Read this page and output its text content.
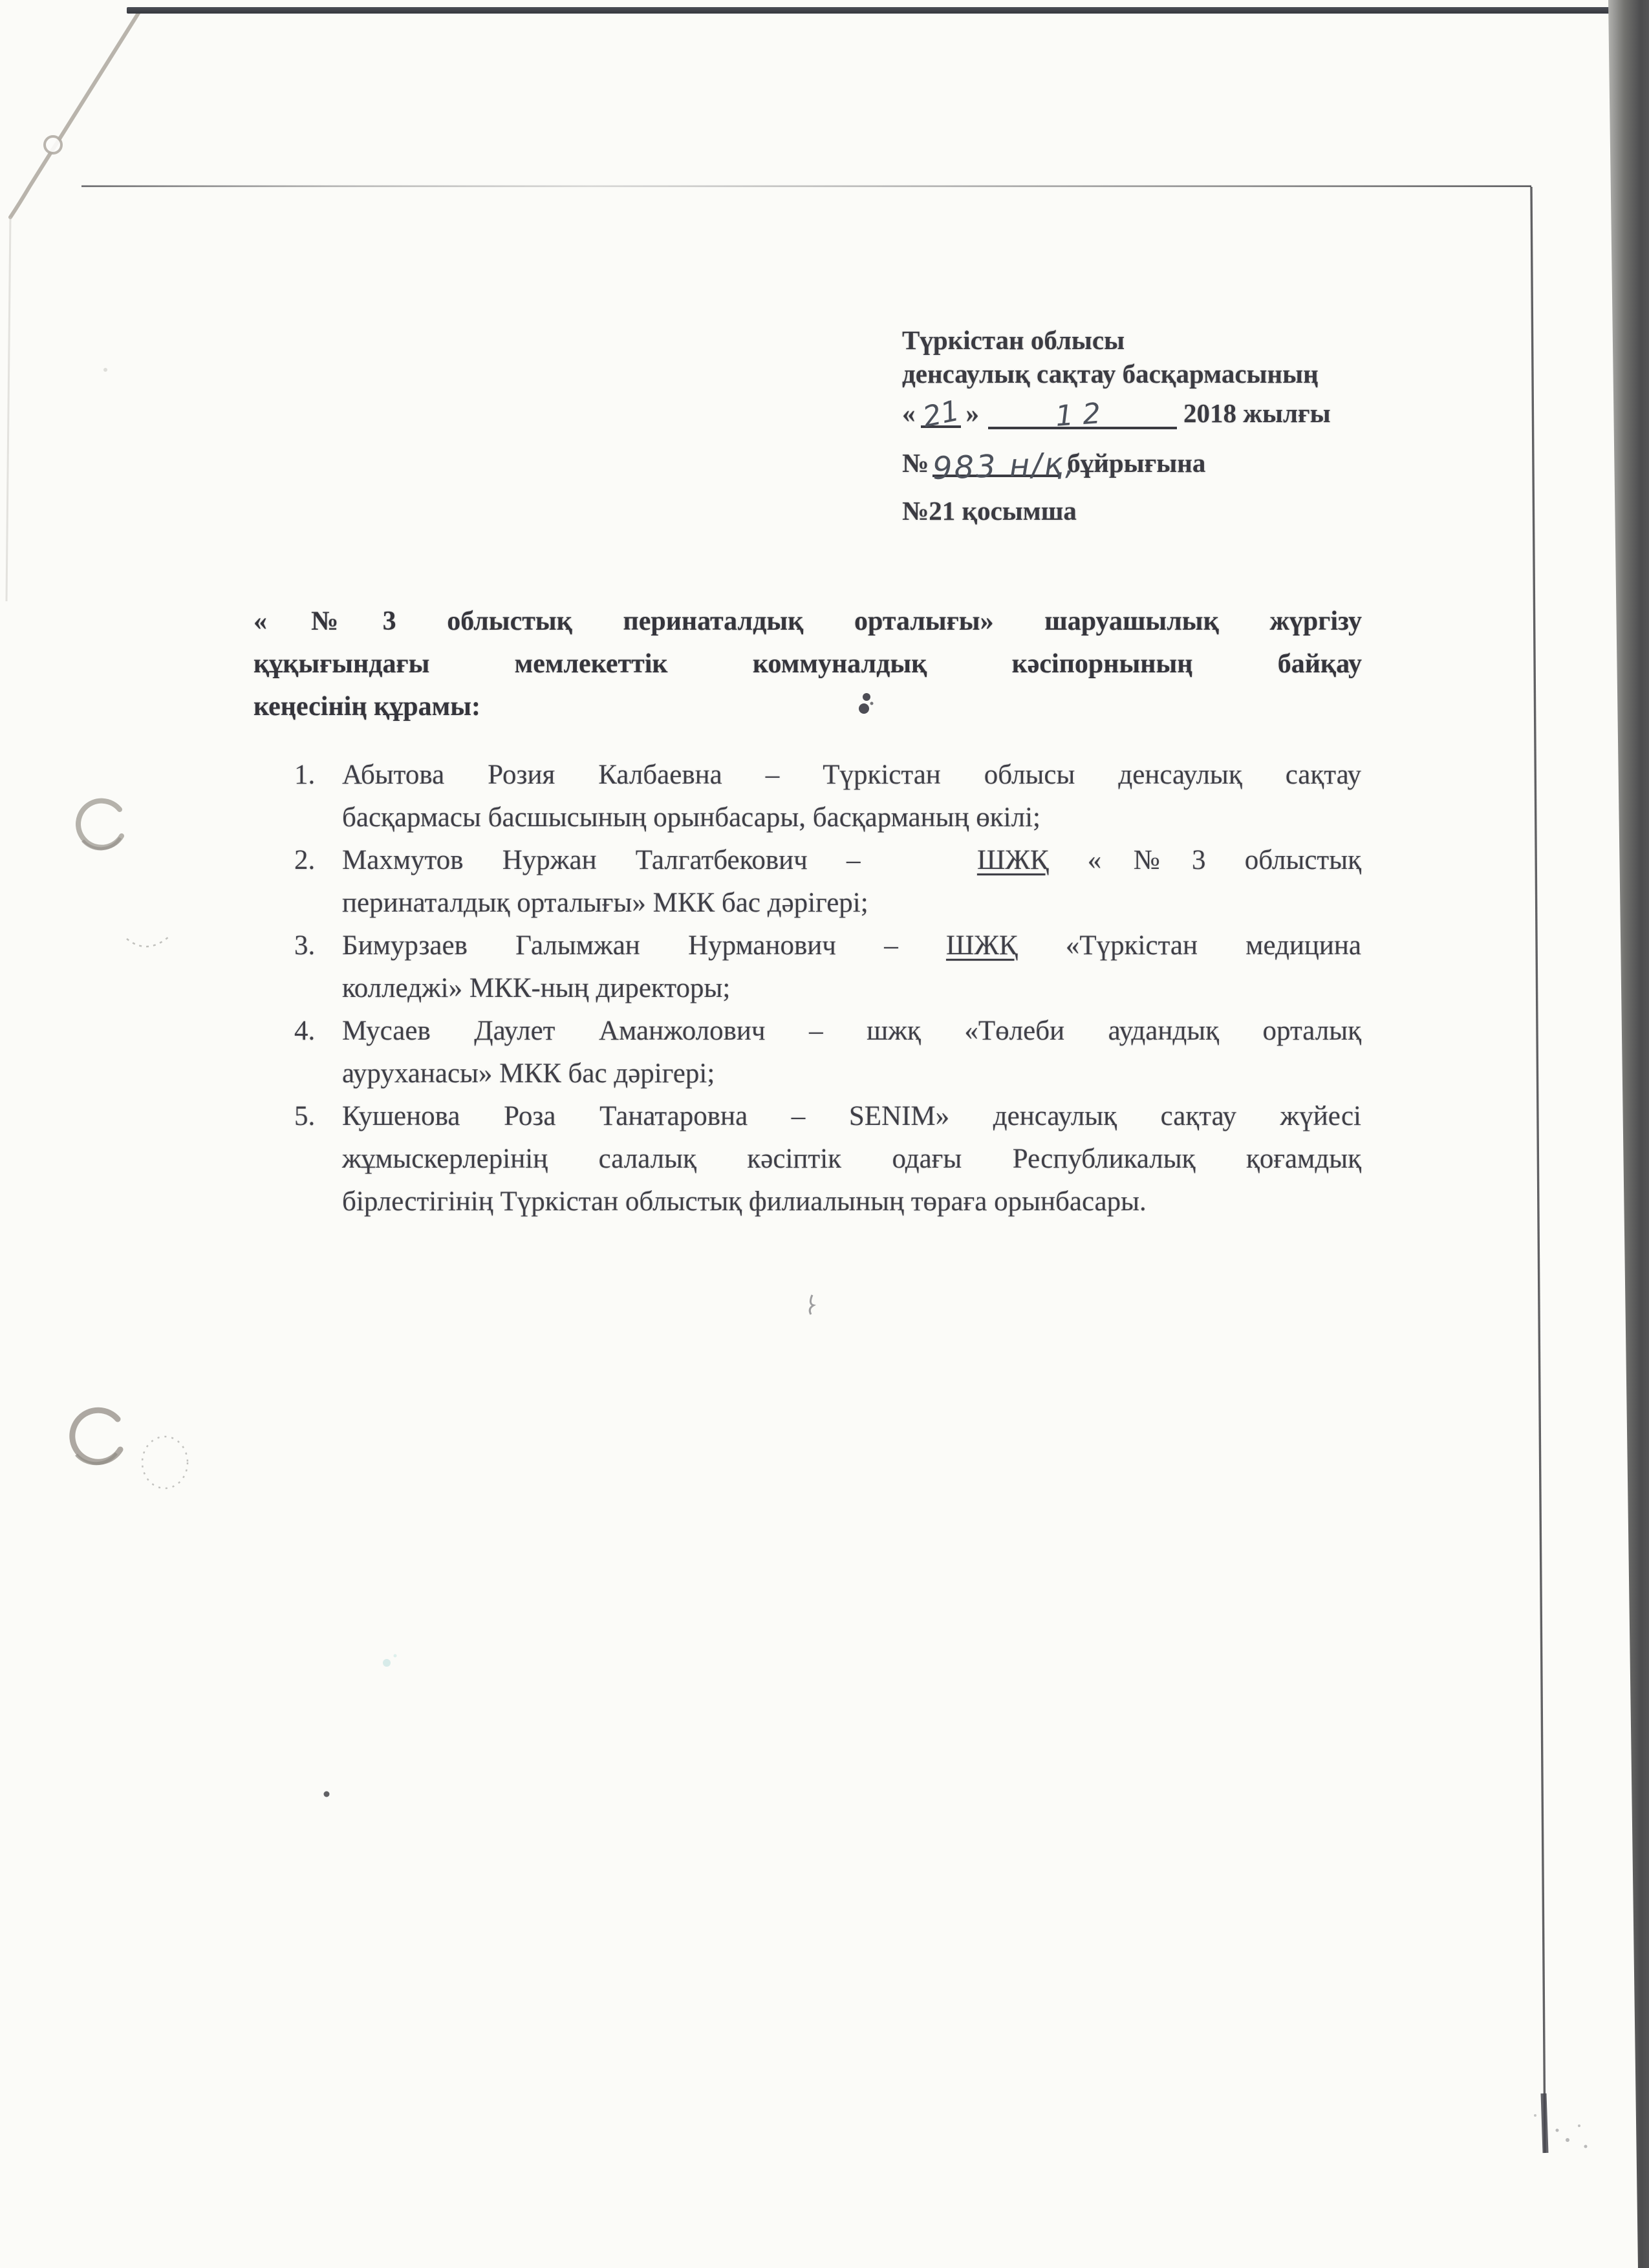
Түркістан облысы
денсаулық сақтау басқармасының
« 21 »	12	2018 жылғы
№ 983 н/қ,бұйрығына
№21 қосымша
«№3 облыстық перинаталдық орталығы» шаруашылық жүргізу
құқығындағы мемлекеттік коммуналдық кәсіпорнының байқау
кеңесінің құрамы:
1. Абытова Розия Калбаевна – Түркістан облысы денсаулық сақтау
басқармасы басшысының орынбасары, басқарманың өкілі;
2. Махмутов Нуржан Талгатбекович –   ШЖҚ «№3 облыстық
перинаталдық орталығы» МКК бас дәрігері;
3. Бимурзаев Галымжан Нурманович – ШЖҚ «Түркістан медицина
колледжі» МКК-ның директоры;
4. Мусаев Даулет Аманжолович – шжқ «Төлеби аудандық орталық
ауруханасы» МКК бас дәрігері;
5. Кушенова Роза Танатаровна – SENIM» денсаулық сақтау жүйесі
жұмыскерлерінің салалық кәсіптік одағы Республикалық қоғамдық
бірлестігінің Түркістан облыстық филиалының төраға орынбасары.
